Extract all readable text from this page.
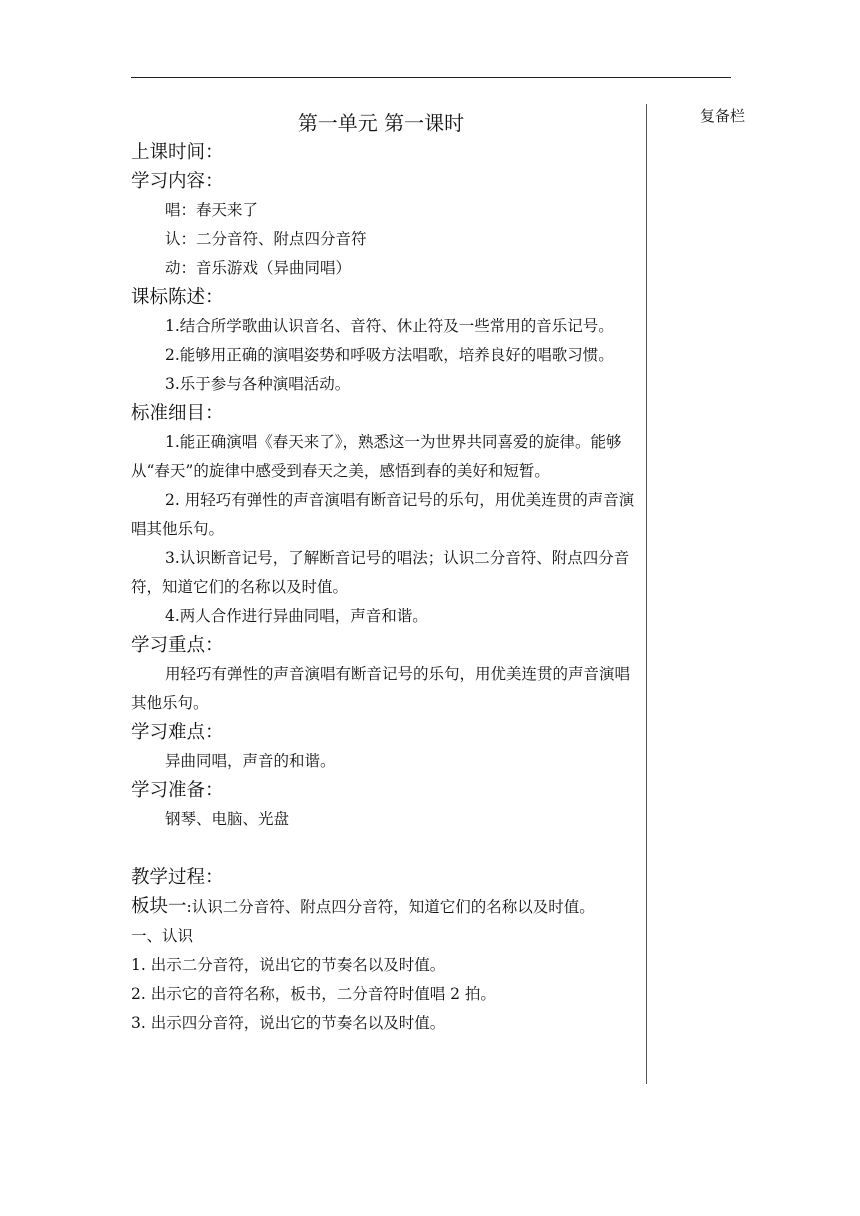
复备栏
第一单元 第一课时
上课时间：
学习内容：
唱：春天来了
认：二分音符、附点四分音符
动：音乐游戏（异曲同唱）
课标陈述：
1.结合所学歌曲认识音名、音符、休止符及一些常用的音乐记号。
2.能够用正确的演唱姿势和呼吸方法唱歌，培养良好的唱歌习惯。
3.乐于参与各种演唱活动。
标准细目：
1.能正确演唱《春天来了》，熟悉这一为世界共同喜爱的旋律。能够从“春天”的旋律中感受到春天之美，感悟到春的美好和短暂。
2. 用轻巧有弹性的声音演唱有断音记号的乐句，用优美连贯的声音演唱其他乐句。
3.认识断音记号，了解断音记号的唱法；认识二分音符、附点四分音符，知道它们的名称以及时值。
4.两人合作进行异曲同唱，声音和谐。
学习重点：
用轻巧有弹性的声音演唱有断音记号的乐句，用优美连贯的声音演唱其他乐句。
学习难点：
异曲同唱，声音的和谐。
学习准备：
钢琴、电脑、光盘
教学过程：
板块一:认识二分音符、附点四分音符，知道它们的名称以及时值。
一、认识
1. 出示二分音符，说出它的节奏名以及时值。
2. 出示它的音符名称，板书，二分音符时值唱 2 拍。
3. 出示四分音符，说出它的节奏名以及时值。
